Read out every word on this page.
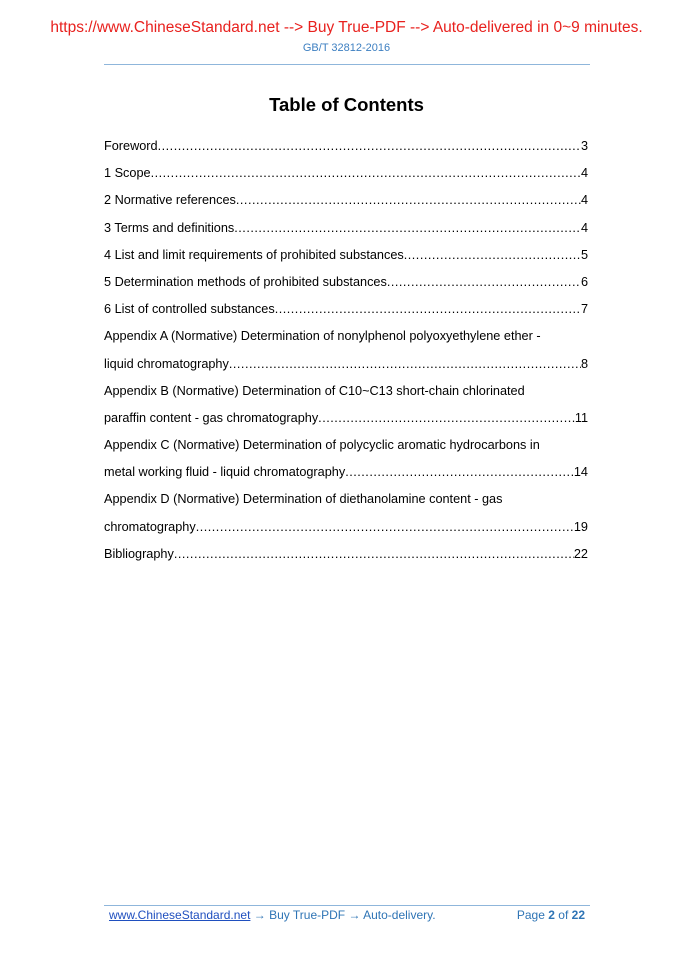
https://www.ChineseStandard.net --> Buy True-PDF --> Auto-delivered in 0~9 minutes.
GB/T 32812-2016
Table of Contents
Foreword .....	3
1 Scope .....	4
2 Normative references .....	4
3 Terms and definitions .....	4
4 List and limit requirements of prohibited substances .....	5
5 Determination methods of prohibited substances .....	6
6 List of controlled substances .....	7
Appendix A (Normative) Determination of nonylphenol polyoxyethylene ether -
liquid chromatography .....	8
Appendix B (Normative) Determination of C10~C13 short-chain chlorinated
paraffin content - gas chromatography .....	11
Appendix C (Normative) Determination of polycyclic aromatic hydrocarbons in
metal working fluid - liquid chromatography .....	14
Appendix D (Normative) Determination of diethanolamine content - gas
chromatography .....	19
Bibliography .....	22
www.ChineseStandard.net → Buy True-PDF → Auto-delivery.	Page 2 of 22
